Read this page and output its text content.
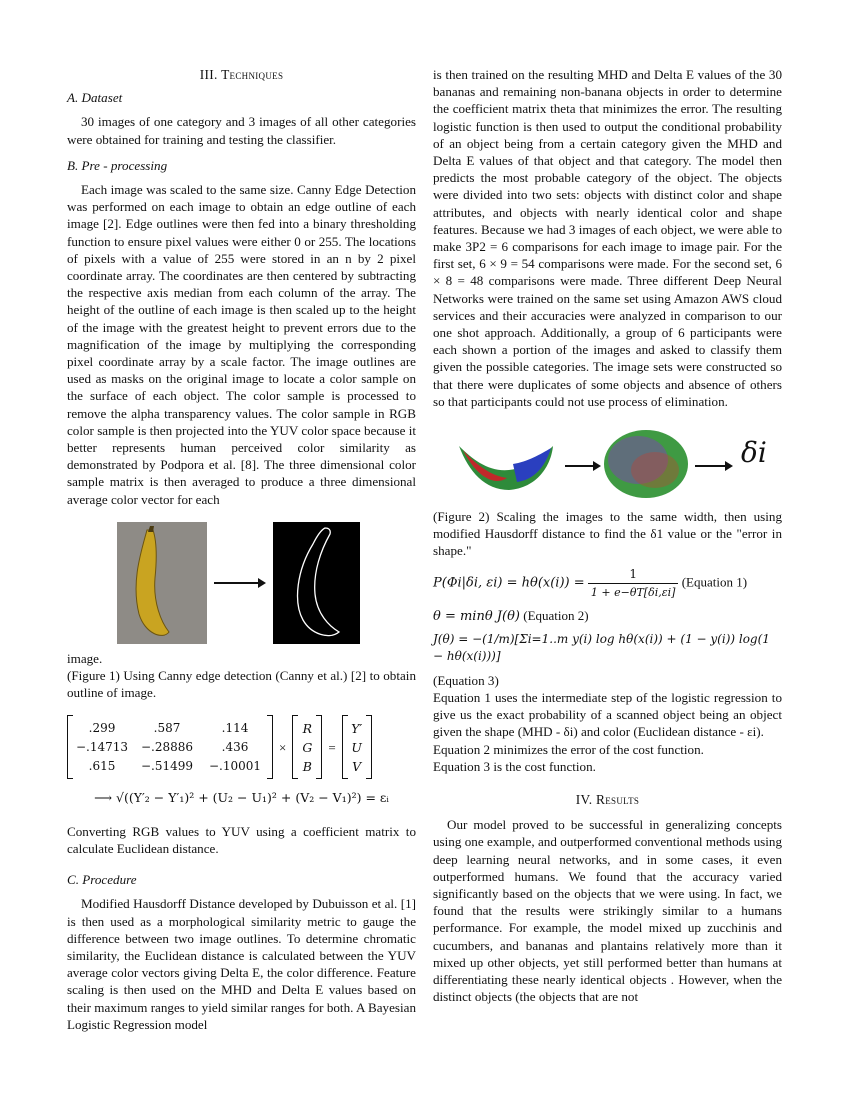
III. Techniques
A. Dataset

30 images of one category and 3 images of all other categories were obtained for training and testing the classifier.

B. Pre - processing

Each image was scaled to the same size. Canny Edge Detection was performed on each image to obtain an edge outline of each image [2]. Edge outlines were then fed into a binary thresholding function to ensure pixel values were either 0 or 255. The locations of pixels with a value of 255 were stored in an n by 2 pixel coordinate array. The coordinates are then centered by subtracting the respective axis median from each column of the array. The height of the outline of each image is then scaled up to the height of the image with the greatest height to prevent errors due to the magnification of the image by multiplying the corresponding pixel coordinate array by a scale factor. The image outlines are used as masks on the original image to locate a color sample on the surface of each object. The color sample is processed to remove the alpha transparency values. The color sample in RGB color sample is then projected into the YUV color space because it better represents human perceived color similarity as demonstrated by Podpora et al. [8]. The three dimensional color sample matrix is then averaged to produce a three dimensional average color vector for each

image.

(Figure 1) Using Canny edge detection (Canny et al.) [2] to obtain outline of image.

.299	.587	.114
−.14713	−.28886	.436
.615	−.51499	−.10001
×
R
G
B
=
Y′
U
V
⟶ √((Y′₂ − Y′₁)² + (U₂ − U₁)² + (V₂ − V₁)²) = εᵢ

Converting RGB values to YUV using a coefficient matrix to calculate Euclidean distance.

C. Procedure

Modified Hausdorff Distance developed by Dubuisson et al. [1] is then used as a morphological similarity metric to gauge the difference between two image outlines. To determine chromatic similarity, the Euclidean distance is calculated between the YUV average color vectors giving Delta E, the color difference. Feature scaling is then used on the MHD and Delta E values based on their maximum ranges to yield similar ranges for both. A Bayesian Logistic Regression model

is then trained on the resulting MHD and Delta E values of the 30 bananas and remaining non-banana objects in order to determine the coefficient matrix theta that minimizes the error. The resulting logistic function is then used to output the conditional probability of an object being from a certain category given the MHD and Delta E values of that object and that category. The model then predicts the most probable category of the object. The objects were divided into two sets: objects with distinct color and shape attributes, and objects with nearly identical color and shape features. Because we had 3 images of each object, we were able to make 3P2 = 6 comparisons for each image to image pair. For the first set, 6 × 9 = 54 comparisons were made. For the second set, 6 × 8 = 48 comparisons were made. Three different Deep Neural Networks were trained on the same set using Amazon AWS cloud services and their accuracies were analyzed in comparison to our one shot approach. Additionally, a group of 6 participants were each shown a portion of the images and asked to classify them given the possible categories. The image sets were constructed so that there were duplicates of some objects and absence of others so that participants could not use process of elimination.

δi

(Figure 2) Scaling the images to the same width, then using modified Hausdorff distance to find the δ1 value or the "error in shape."

P(Φi|δi, $\varepsilon i) = h\theta(x(i)) = \frac{1}{1 + e-\theta T[\delta i,\varepsilon i]}$ (Equation 1)
θ = minθ J(θ) (Equation 2)
J(θ) = −(1/m)[Σi=1..m y(i) log hθ(x(i)) + (1 − y(i)) log(1 − hθ(x(i)))]

(Equation 3)

Equation 1 uses the intermediate step of the logistic regression to give us the exact probability of a scanned object being an object given the shape (MHD - δi) and color (Euclidean distance - εi).

Equation 2 minimizes the error of the cost function.

Equation 3 is the cost function.

IV. Results

Our model proved to be successful in generalizing concepts using one example, and outperformed conventional methods using deep learning neural networks, and in some cases, it even outperformed humans. We found that the accuracy varied significantly based on the objects that we were using. In fact, we found that the results were strikingly similar to a humans performance. For example, the model mixed up zucchinis and cucumbers, and bananas and plantains relatively more than it mixed up other objects, yet still performed better than humans at differentiating these nearly identical objects . However, when the distinct objects (the objects that are not
